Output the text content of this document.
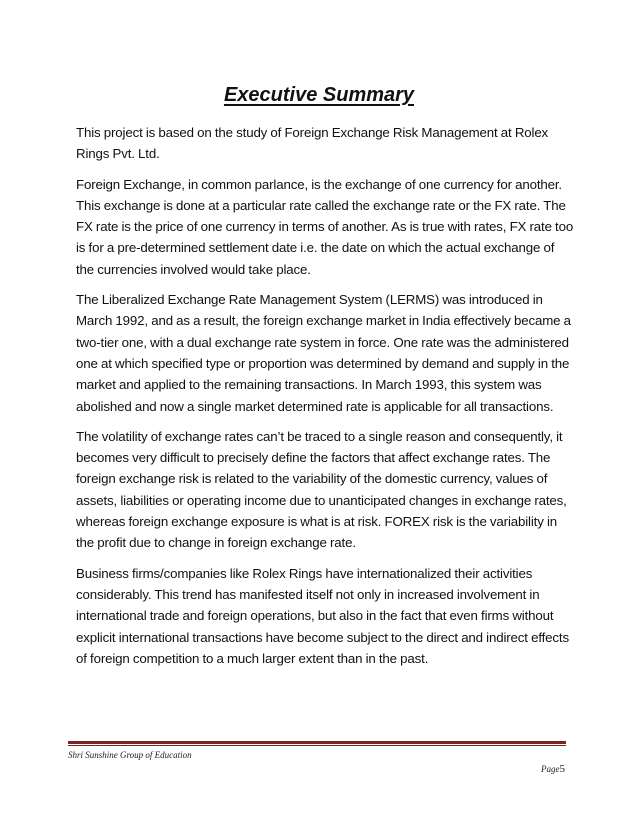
Executive Summary

This project is based on the study of Foreign Exchange Risk Management at Rolex Rings Pvt. Ltd.

Foreign Exchange, in common parlance, is the exchange of one currency for another. This exchange is done at a particular rate called the exchange rate or the FX rate. The FX rate is the price of one currency in terms of another. As is true with rates, FX rate too is for a pre-determined settlement date i.e. the date on which the actual exchange of the currencies involved would take place.

The Liberalized Exchange Rate Management System (LERMS) was introduced in March 1992, and as a result, the foreign exchange market in India effectively became a two-tier one, with a dual exchange rate system in force. One rate was the administered one at which specified type or proportion was determined by demand and supply in the market and applied to the remaining transactions. In March 1993, this system was abolished and now a single market determined rate is applicable for all transactions.

The volatility of exchange rates can’t be traced to a single reason and consequently, it becomes very difficult to precisely define the factors that affect exchange rates. The foreign exchange risk is related to the variability of the domestic currency, values of assets, liabilities or operating income due to unanticipated changes in exchange rates, whereas foreign exchange exposure is what is at risk. FOREX risk is the variability in the profit due to change in foreign exchange rate.

Business firms/companies like Rolex Rings have internationalized their activities considerably. This trend has manifested itself not only in increased involvement in international trade and foreign operations, but also in the fact that even firms without explicit international transactions have become subject to the direct and indirect effects of foreign competition to a much larger extent than in the past.

Shri Sunshine Group of Education
Page5
